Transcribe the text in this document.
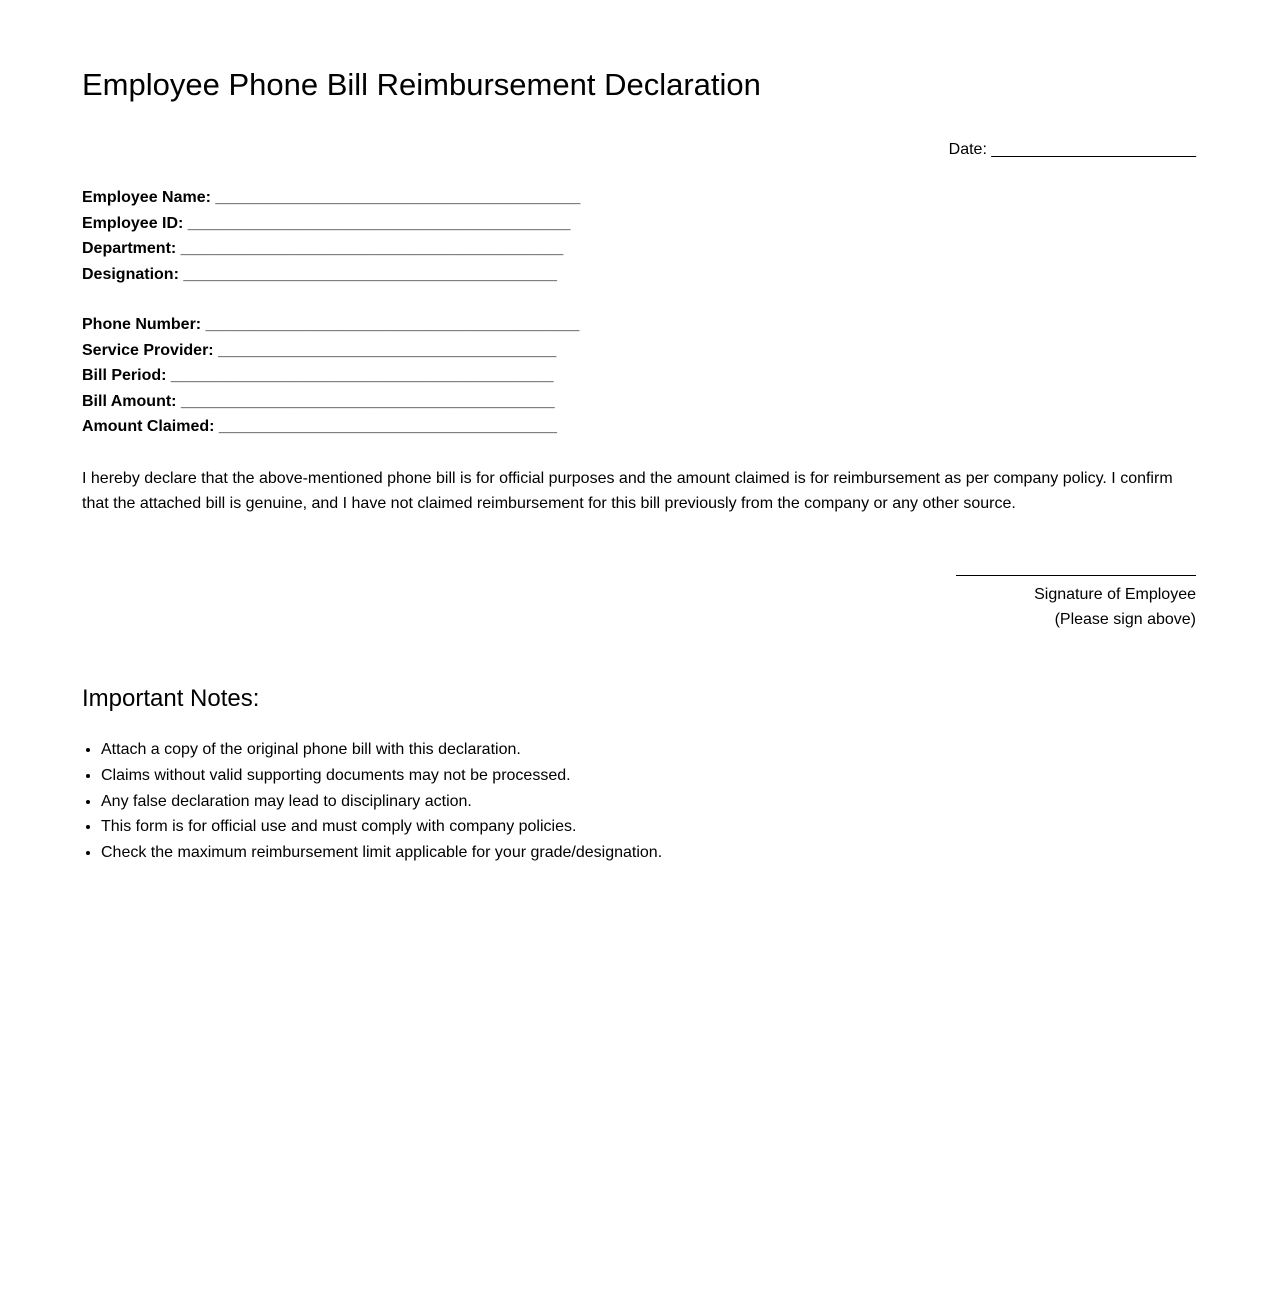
Employee Phone Bill Reimbursement Declaration
Date: _______________________
Employee Name: _________________________________________
Employee ID: ___________________________________________
Department: ___________________________________________
Designation: __________________________________________
Phone Number: __________________________________________
Service Provider: ______________________________________
Bill Period: ___________________________________________
Bill Amount: __________________________________________
Amount Claimed: ______________________________________

I hereby declare that the above-mentioned phone bill is for official purposes and the amount claimed is for reimbursement as per company policy. I confirm that the attached bill is genuine, and I have not claimed reimbursement for this bill previously from the company or any other source.

Signature of Employee
(Please sign above)
Important Notes:
• Attach a copy of the original phone bill with this declaration.
• Claims without valid supporting documents may not be processed.
• Any false declaration may lead to disciplinary action.
• This form is for official use and must comply with company policies.
• Check the maximum reimbursement limit applicable for your grade/designation.
